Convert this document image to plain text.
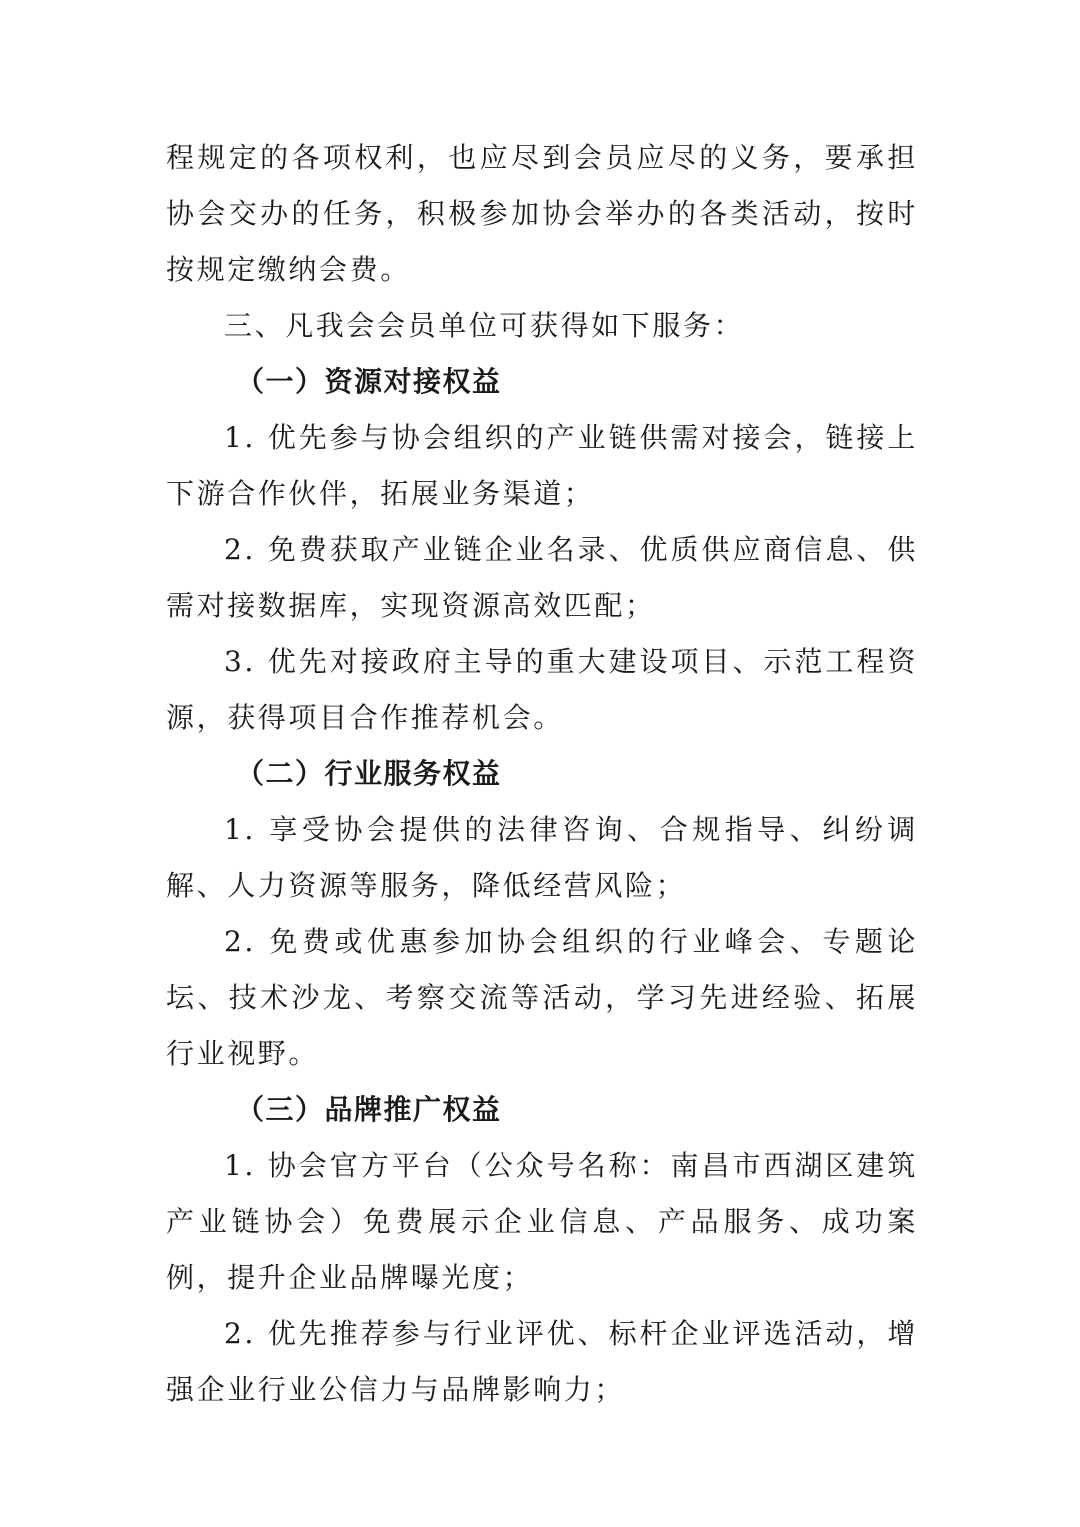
程规定的各项权利，也应尽到会员应尽的义务，要承担协会交办的任务，积极参加协会举办的各类活动，按时按规定缴纳会费。

三、凡我会会员单位可获得如下服务：

（一）资源对接权益

1. 优先参与协会组织的产业链供需对接会，链接上下游合作伙伴，拓展业务渠道；

2. 免费获取产业链企业名录、优质供应商信息、供需对接数据库，实现资源高效匹配；

3. 优先对接政府主导的重大建设项目、示范工程资源，获得项目合作推荐机会。

（二）行业服务权益

1. 享受协会提供的法律咨询、合规指导、纠纷调解、人力资源等服务，降低经营风险；

2. 免费或优惠参加协会组织的行业峰会、专题论坛、技术沙龙、考察交流等活动，学习先进经验、拓展行业视野。

（三）品牌推广权益

1. 协会官方平台（公众号名称：南昌市西湖区建筑产业链协会）免费展示企业信息、产品服务、成功案例，提升企业品牌曝光度；

2. 优先推荐参与行业评优、标杆企业评选活动，增强企业行业公信力与品牌影响力；
